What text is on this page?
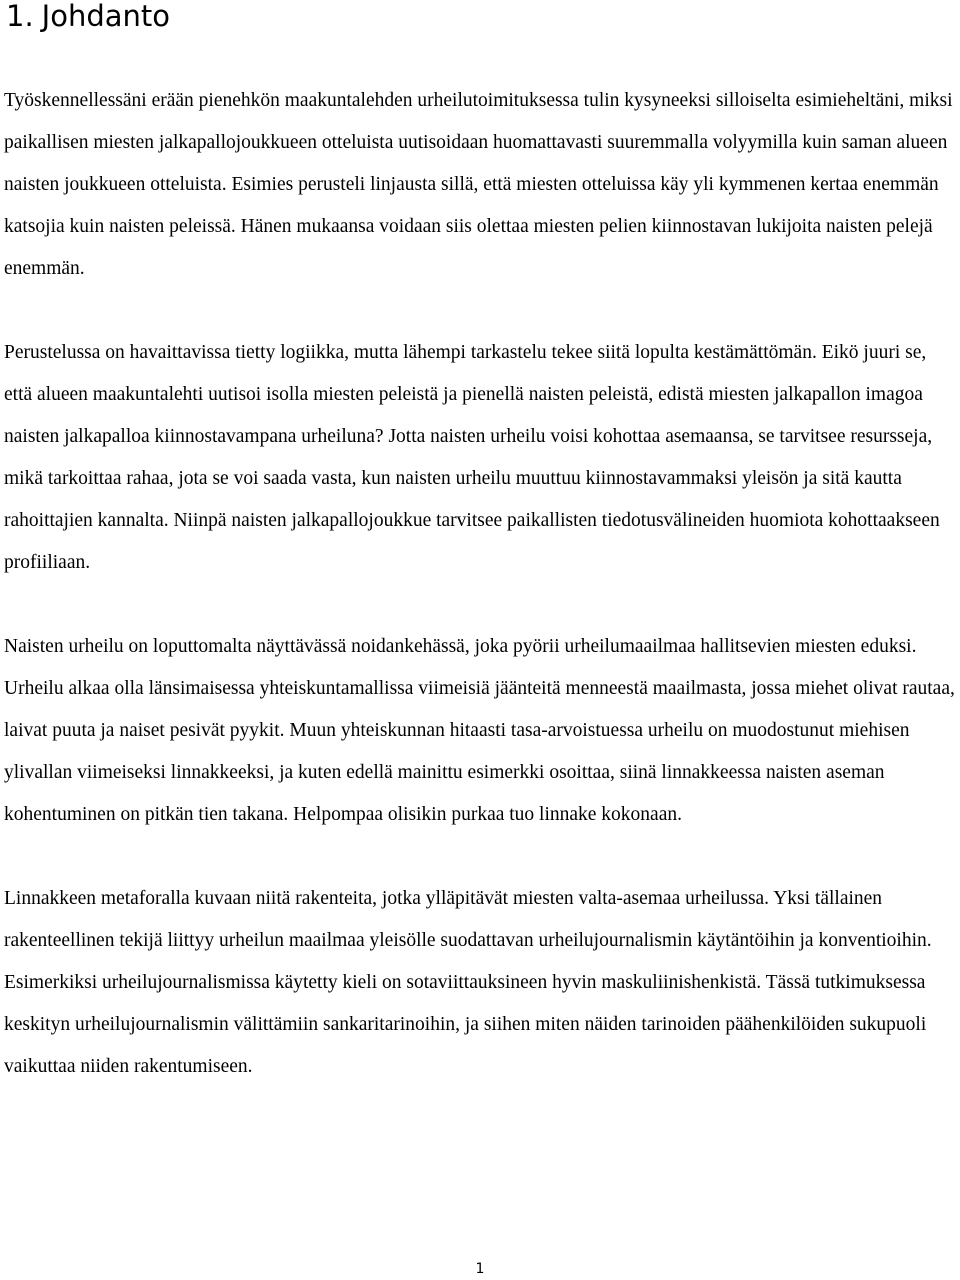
1. Johdanto

Työskennellessäni erään pienehkön maakuntalehden urheilutoimituksessa tulin kysyneeksi silloiselta esimieheltäni, miksi paikallisen miesten jalkapallojoukkueen otteluista uutisoidaan huomattavasti suuremmalla volyymilla kuin saman alueen naisten joukkueen otteluista. Esimies perusteli linjausta sillä, että miesten otteluissa käy yli kymmenen kertaa enemmän katsojia kuin naisten peleissä. Hänen mukaansa voidaan siis olettaa miesten pelien kiinnostavan lukijoita naisten pelejä enemmän.

Perustelussa on havaittavissa tietty logiikka, mutta lähempi tarkastelu tekee siitä lopulta kestämättömän. Eikö juuri se, että alueen maakuntalehti uutisoi isolla miesten peleistä ja pienellä naisten peleistä, edistä miesten jalkapallon imagoa naisten jalkapalloa kiinnostavampana urheiluna? Jotta naisten urheilu voisi kohottaa asemaansa, se tarvitsee resursseja, mikä tarkoittaa rahaa, jota se voi saada vasta, kun naisten urheilu muuttuu kiinnostavammaksi yleisön ja sitä kautta rahoittajien kannalta. Niinpä naisten jalkapallojoukkue tarvitsee paikallisten tiedotusvälineiden huomiota kohottaakseen profiiliaan.

Naisten urheilu on loputtomalta näyttävässä noidankehässä, joka pyörii urheilumaailmaa hallitsevien miesten eduksi. Urheilu alkaa olla länsimaisessa yhteiskuntamallissa viimeisiä jäänteitä menneestä maailmasta, jossa miehet olivat rautaa, laivat puuta ja naiset pesivät pyykit. Muun yhteiskunnan hitaasti tasa-arvoistuessa urheilu on muodostunut miehisen ylivallan viimeiseksi linnakkeeksi, ja kuten edellä mainittu esimerkki osoittaa, siinä linnakkeessa naisten aseman kohentuminen on pitkän tien takana. Helpompaa olisikin purkaa tuo linnake kokonaan.

Linnakkeen metaforalla kuvaan niitä rakenteita, jotka ylläpitävät miesten valta-asemaa urheilussa. Yksi tällainen rakenteellinen tekijä liittyy urheilun maailmaa yleisölle suodattavan urheilujournalismin käytäntöihin ja konventioihin. Esimerkiksi urheilujournalismissa käytetty kieli on sotaviittauksineen hyvin maskuliinishenkistä. Tässä tutkimuksessa keskityn urheilujournalismin välittämiin sankaritarinoihin, ja siihen miten näiden tarinoiden päähenkilöiden sukupuoli vaikuttaa niiden rakentumiseen.

1
